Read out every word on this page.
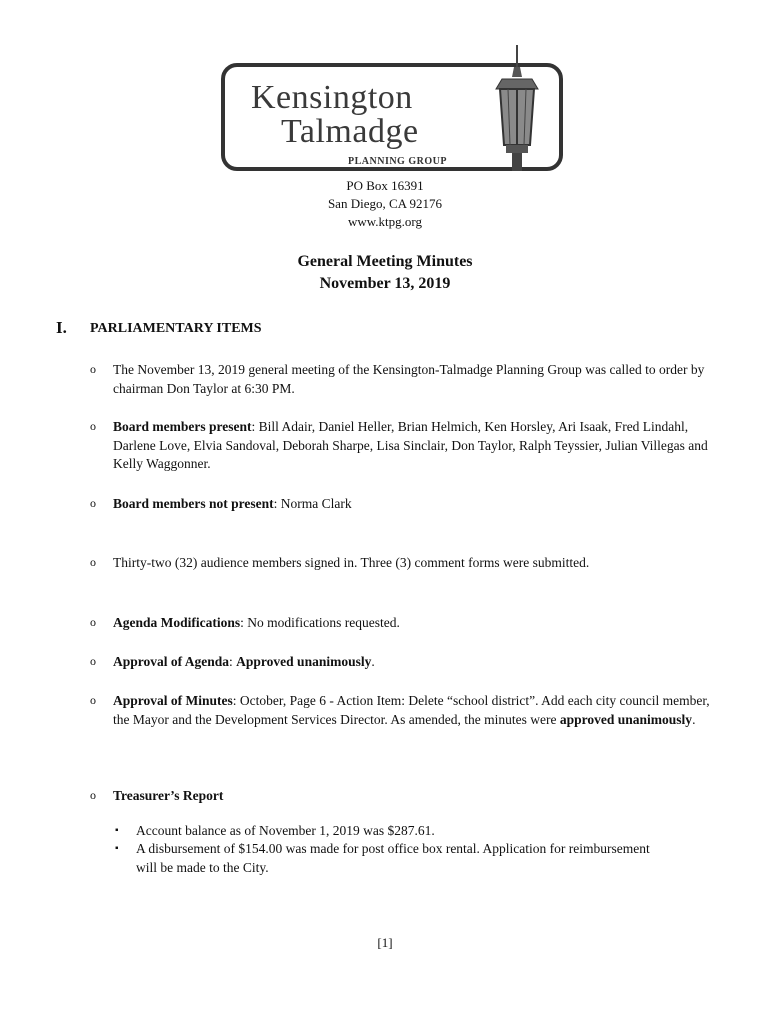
Kensington
Talmadge
PLANNING GROUP
PO Box 16391
San Diego, CA 92176
www.ktpg.org
General Meeting Minutes
November 13, 2019
I. PARLIAMENTARY ITEMS
o The November 13, 2019 general meeting of the Kensington-Talmadge Planning Group was called to order by chairman Don Taylor at 6:30 PM.
o Board members present: Bill Adair, Daniel Heller, Brian Helmich, Ken Horsley, Ari Isaak, Fred Lindahl, Darlene Love, Elvia Sandoval, Deborah Sharpe, Lisa Sinclair, Don Taylor, Ralph Teyssier, Julian Villegas and Kelly Waggonner.
o Board members not present: Norma Clark
o Thirty-two (32) audience members signed in. Three (3) comment forms were submitted.
o Agenda Modifications: No modifications requested.
o Approval of Agenda: Approved unanimously.
o Approval of Minutes: October, Page 6 - Action Item: Delete “school district”. Add each city council member, the Mayor and the Development Services Director. As amended, the minutes were approved unanimously.
o Treasurer’s Report
▪ Account balance as of November 1, 2019 was $287.61.
▪ A disbursement of $154.00 was made for post office box rental. Application for reimbursement will be made to the City.
[1]
